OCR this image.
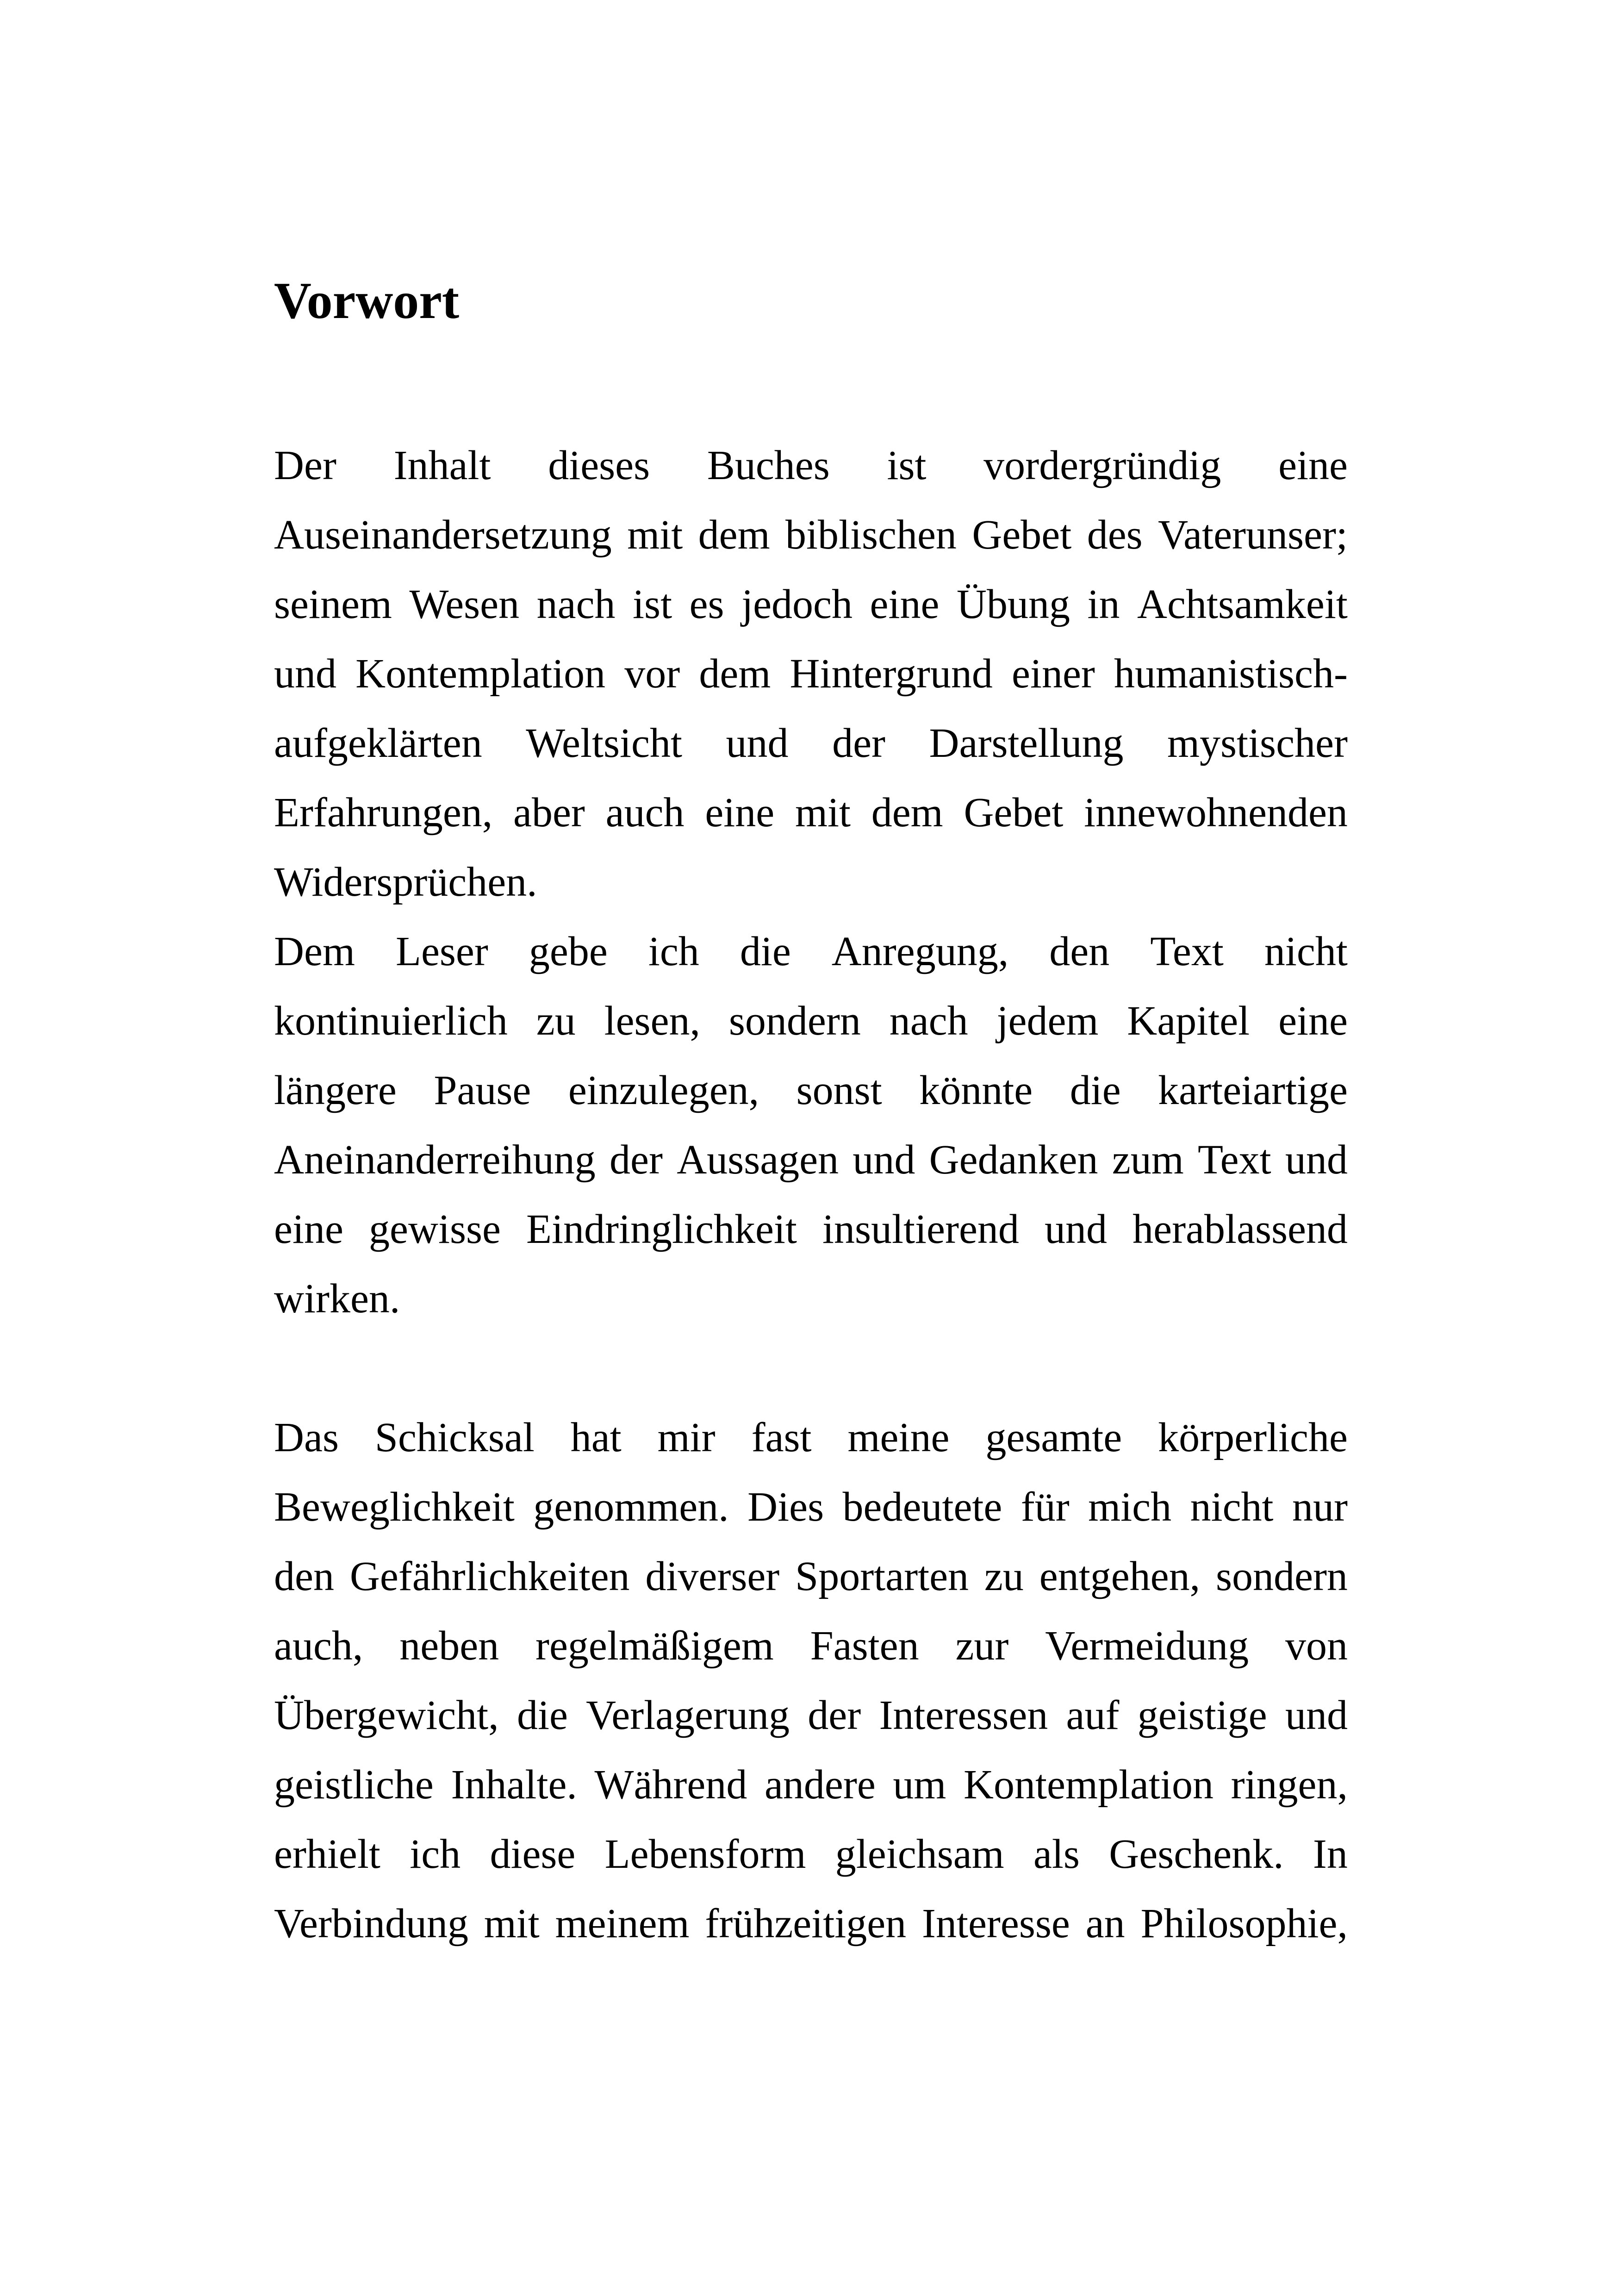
Vorwort
Der Inhalt dieses Buches ist vordergründig eine
Auseinandersetzung mit dem biblischen Gebet des Vaterunser;
seinem Wesen nach ist es jedoch eine Übung in Achtsamkeit
und Kontemplation vor dem Hintergrund einer humanistisch-
aufgeklärten Weltsicht und der Darstellung mystischer
Erfahrungen, aber auch eine mit dem Gebet innewohnenden
Widersprüchen.
Dem Leser gebe ich die Anregung, den Text nicht
kontinuierlich zu lesen, sondern nach jedem Kapitel eine
längere Pause einzulegen, sonst könnte die karteiartige
Aneinanderreihung der Aussagen und Gedanken zum Text und
eine gewisse Eindringlichkeit insultierend und herablassend
wirken.
Das Schicksal hat mir fast meine gesamte körperliche
Beweglichkeit genommen. Dies bedeutete für mich nicht nur
den Gefährlichkeiten diverser Sportarten zu entgehen, sondern
auch, neben regelmäßigem Fasten zur Vermeidung von
Übergewicht, die Verlagerung der Interessen auf geistige und
geistliche Inhalte. Während andere um Kontemplation ringen,
erhielt ich diese Lebensform gleichsam als Geschenk. In
Verbindung mit meinem frühzeitigen Interesse an Philosophie,
